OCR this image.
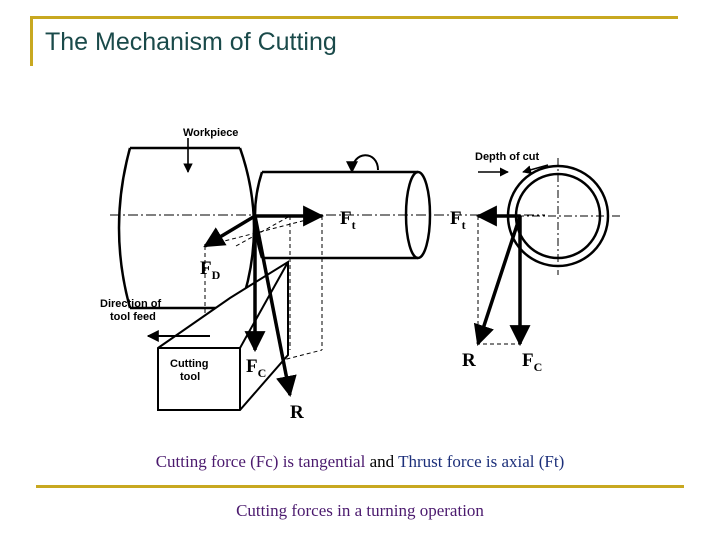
The Mechanism of Cutting
Workpiece
Direction of
tool feed
Cutting
tool
Depth of cut
$F_t$
$F_D$
$F_C$
R
$F_t$
R $F_C$
Cutting force (Fc) is tangential and Thrust force is axial (Ft)
Cutting forces in a turning operation
